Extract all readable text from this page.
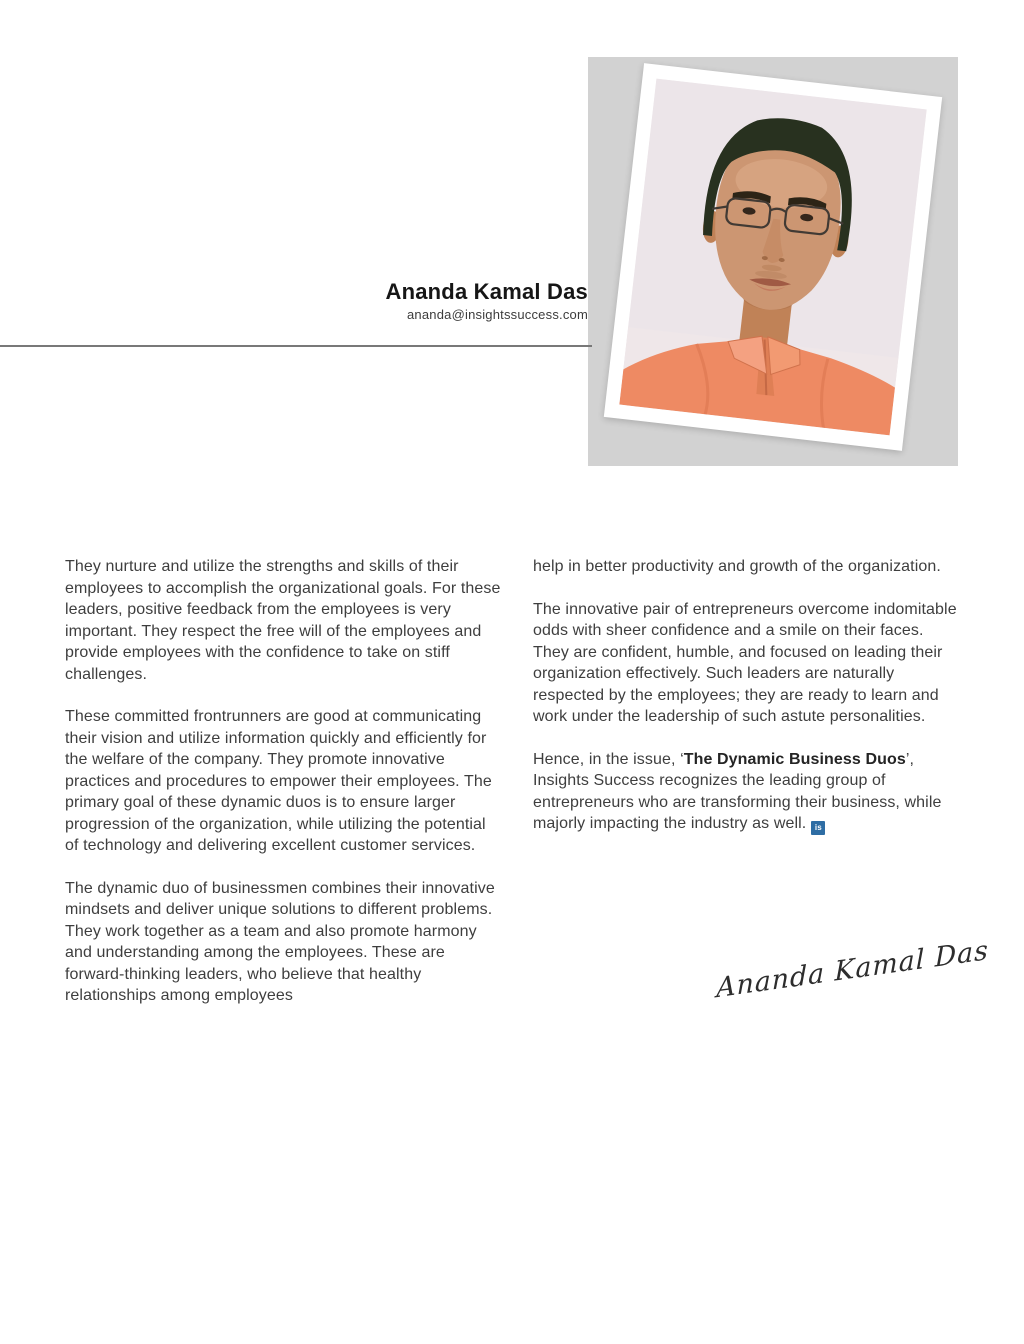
Ananda Kamal Das
ananda@insightssuccess.com

They nurture and utilize the strengths and skills of their employees to accomplish the organizational goals. For these leaders, positive feedback from the employees is very important. They respect the free will of the employees and provide employees with the confidence to take on stiff challenges.

These committed frontrunners are good at communicating their vision and utilize information quickly and efficiently for the welfare of the company. They promote innovative practices and procedures to empower their employees. The primary goal of these dynamic duos is to ensure larger progression of the organization, while utilizing the potential of technology and delivering excellent customer services.

The dynamic duo of businessmen combines their innovative mindsets and deliver unique solutions to different problems. They work together as a team and also promote harmony and understanding among the employees. These are forward-thinking leaders, who believe that healthy relationships among employees

help in better productivity and growth of the organization.

The innovative pair of entrepreneurs overcome indomitable odds with sheer confidence and a smile on their faces. They are confident, humble, and focused on leading their organization effectively. Such leaders are naturally respected by the employees; they are ready to learn and work under the leadership of such astute personalities.

Hence, in the issue, ‘The Dynamic Business Duos’, Insights Success recognizes the leading group of entrepreneurs who are transforming their business, while majorly impacting the industry as well. is

Ananda Kamal Das
